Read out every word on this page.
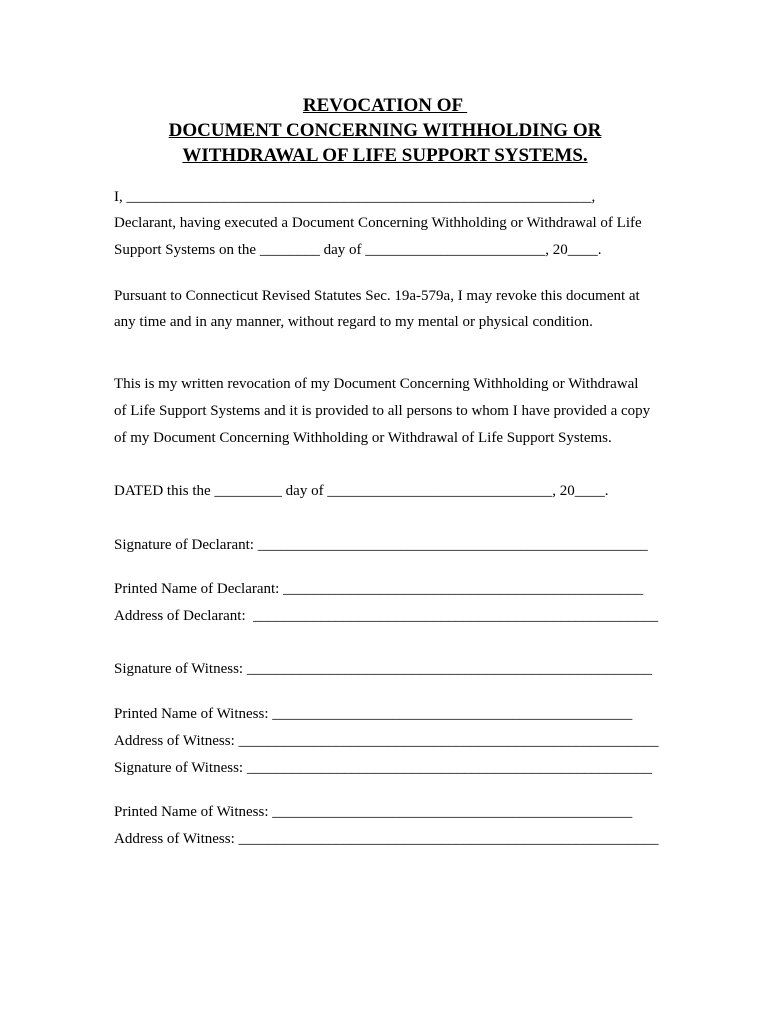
REVOCATION OF
DOCUMENT CONCERNING WITHHOLDING OR
WITHDRAWAL OF LIFE SUPPORT SYSTEMS.
I, ______________________________________________________________,
Declarant, having executed a Document Concerning Withholding or Withdrawal of Life
Support Systems on the ________ day of ________________________, 20____.
Pursuant to Connecticut Revised Statutes Sec. 19a-579a, I may revoke this document at
any time and in any manner, without regard to my mental or physical condition.
This is my written revocation of my Document Concerning Withholding or Withdrawal
of Life Support Systems and it is provided to all persons to whom I have provided a copy
of my Document Concerning Withholding or Withdrawal of Life Support Systems.
DATED this the _________ day of ______________________________, 20____.
Signature of Declarant: ____________________________________________________
Printed Name of Declarant: ________________________________________________
Address of Declarant:  ______________________________________________________
Signature of Witness: ______________________________________________________
Printed Name of Witness: ________________________________________________
Address of Witness: ________________________________________________________
Signature of Witness: ______________________________________________________
Printed Name of Witness: ________________________________________________
Address of Witness: ________________________________________________________
